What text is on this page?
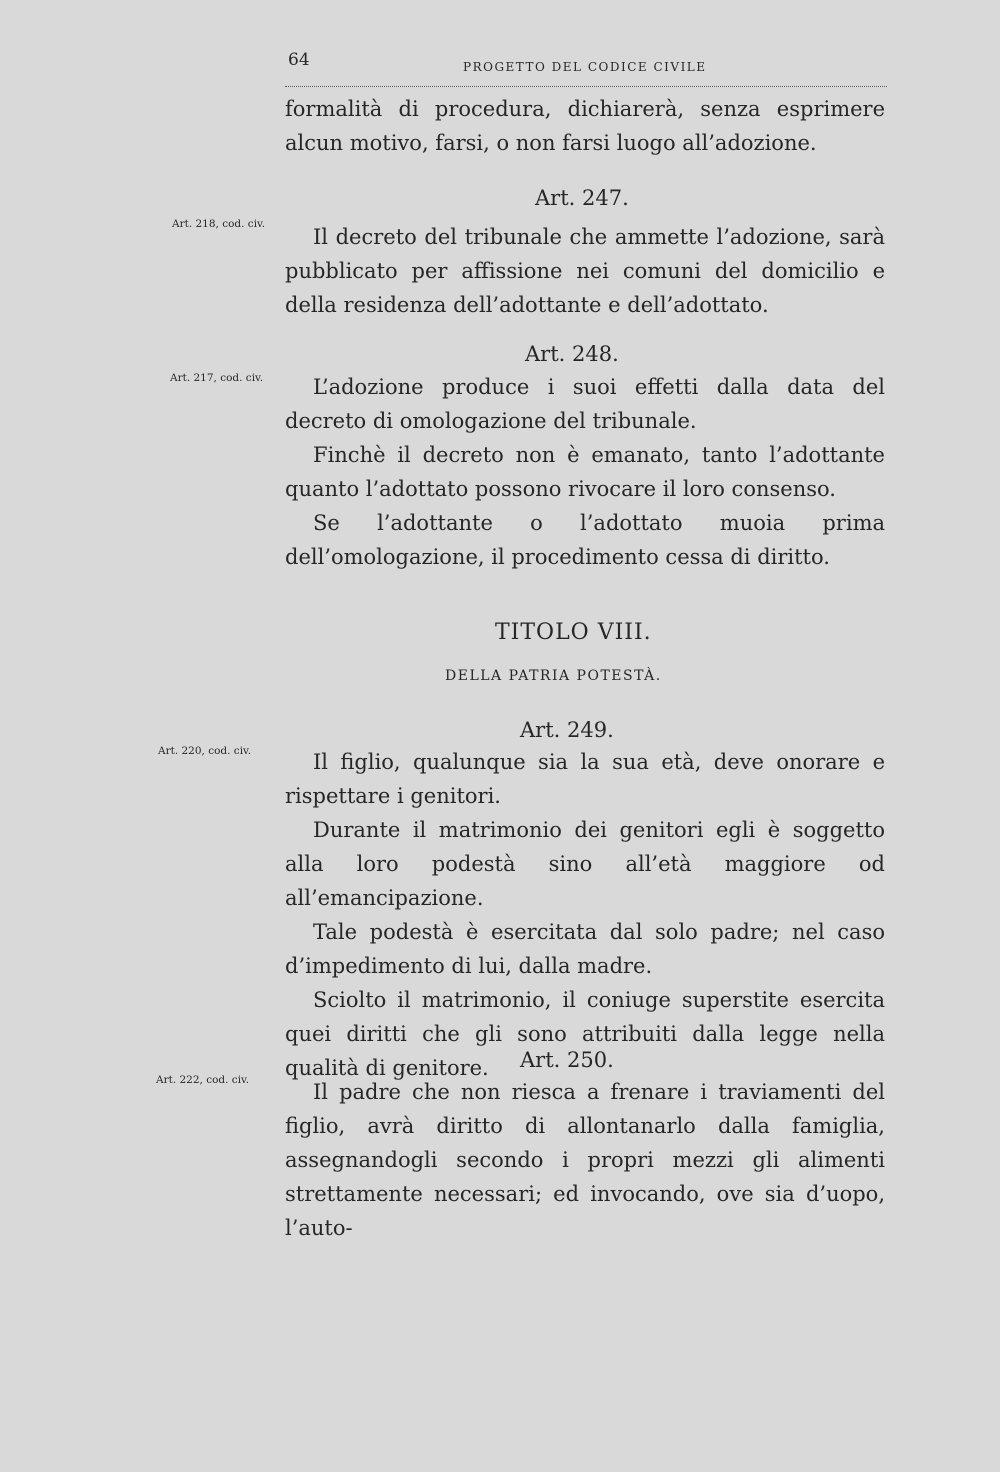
64	PROGETTO DEL CODICE CIVILE

formalità di procedura, dichiarerà, senza esprimere alcun motivo, farsi, o non farsi luogo all’adozione.

Art. 247.
Art. 218, cod. civ.

Il decreto del tribunale che ammette l’adozione, sarà pubblicato per affissione nei comuni del domicilio e della residenza dell’adottante e dell’adottato.

Art. 248.
Art. 217, cod. civ.	L’adozione produce i suoi effetti dalla data del decreto di omologazione del tribunale.

Finchè il decreto non è emanato, tanto l’adottante quanto l’adottato possono rivocare il loro consenso.

Se l’adottante o l’adottato muoia prima dell’omologazione, il procedimento cessa di diritto.

TITOLO VIII.
DELLA PATRIA POTESTÀ.
Art. 249.
Art. 220, cod. civ.	Il figlio, qualunque sia la sua età, deve onorare e rispettare i genitori.

Durante il matrimonio dei genitori egli è soggetto alla loro podestà sino all’età maggiore od all’emancipazione.

Tale podestà è esercitata dal solo padre; nel caso d’impedimento di lui, dalla madre.

Sciolto il matrimonio, il coniuge superstite esercita quei diritti che gli sono attribuiti dalla legge nella qualità di genitore.	Art. 250.
Art. 222, cod. civ.	Il padre che non riesca a frenare i traviamenti del figlio, avrà diritto di allontanarlo dalla famiglia, assegnandogli secondo i propri mezzi gli alimenti strettamente necessari; ed invocando, ove sia d’uopo, l’auto-
